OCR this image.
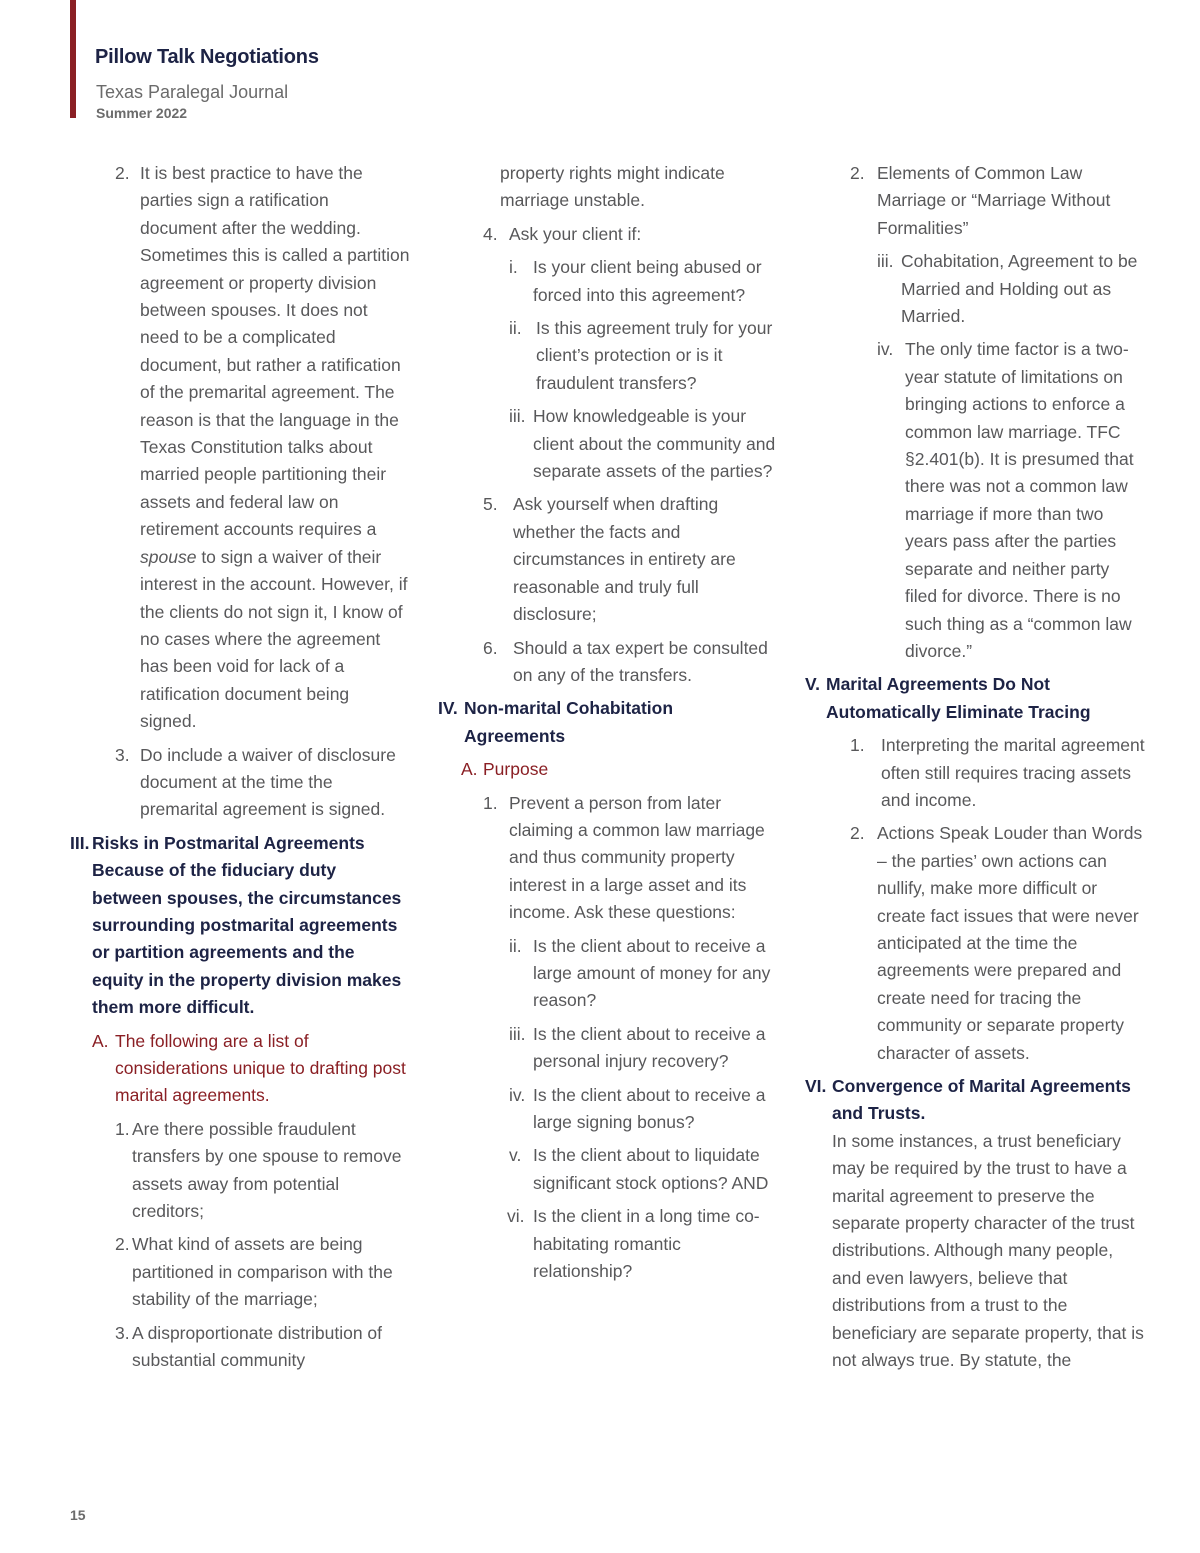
Pillow Talk Negotiations
Texas Paralegal Journal
Summer 2022
2. It is best practice to have the parties sign a ratification document after the wedding. Sometimes this is called a partition agreement or property division between spouses. It does not need to be a complicated document, but rather a ratification of the premarital agreement. The reason is that the language in the Texas Constitution talks about married people partitioning their assets and federal law on retirement accounts requires a spouse to sign a waiver of their interest in the account. However, if the clients do not sign it, I know of no cases where the agreement has been void for lack of a ratification document being signed.
3. Do include a waiver of disclosure document at the time the premarital agreement is signed.
III. Risks in Postmarital Agreements Because of the fiduciary duty between spouses, the circumstances surrounding postmarital agreements or partition agreements and the equity in the property division makes them more difficult.
A. The following are a list of considerations unique to drafting post marital agreements.
1. Are there possible fraudulent transfers by one spouse to remove assets away from potential creditors;
2. What kind of assets are being partitioned in comparison with the stability of the marriage;
3. A disproportionate distribution of substantial community
property rights might indicate marriage unstable.
4. Ask your client if:
i. Is your client being abused or forced into this agreement?
ii. Is this agreement truly for your client’s protection or is it fraudulent transfers?
iii. How knowledgeable is your client about the community and separate assets of the parties?
5. Ask yourself when drafting whether the facts and circumstances in entirety are reasonable and truly full disclosure;
6. Should a tax expert be consulted on any of the transfers.
IV. Non-marital Cohabitation Agreements
A. Purpose
1. Prevent a person from later claiming a common law marriage and thus community property interest in a large asset and its income. Ask these questions:
ii. Is the client about to receive a large amount of money for any reason?
iii. Is the client about to receive a personal injury recovery?
iv. Is the client about to receive a large signing bonus?
v. Is the client about to liquidate significant stock options? AND
vi. Is the client in a long time co-habitating romantic relationship?
2. Elements of Common Law Marriage or “Marriage Without Formalities”
iii. Cohabitation, Agreement to be Married and Holding out as Married.
iv. The only time factor is a two-year statute of limitations on bringing actions to enforce a common law marriage. TFC §2.401(b). It is presumed that there was not a common law marriage if more than two years pass after the parties separate and neither party filed for divorce. There is no such thing as a “common law divorce.”
V. Marital Agreements Do Not Automatically Eliminate Tracing
1. Interpreting the marital agreement often still requires tracing assets and income.
2. Actions Speak Louder than Words – the parties’ own actions can nullify, make more difficult or create fact issues that were never anticipated at the time the agreements were prepared and create need for tracing the community or separate property character of assets.
VI. Convergence of Marital Agreements and Trusts.
In some instances, a trust beneficiary may be required by the trust to have a marital agreement to preserve the separate property character of the trust distributions. Although many people, and even lawyers, believe that distributions from a trust to the beneficiary are separate property, that is not always true. By statute, the
15
